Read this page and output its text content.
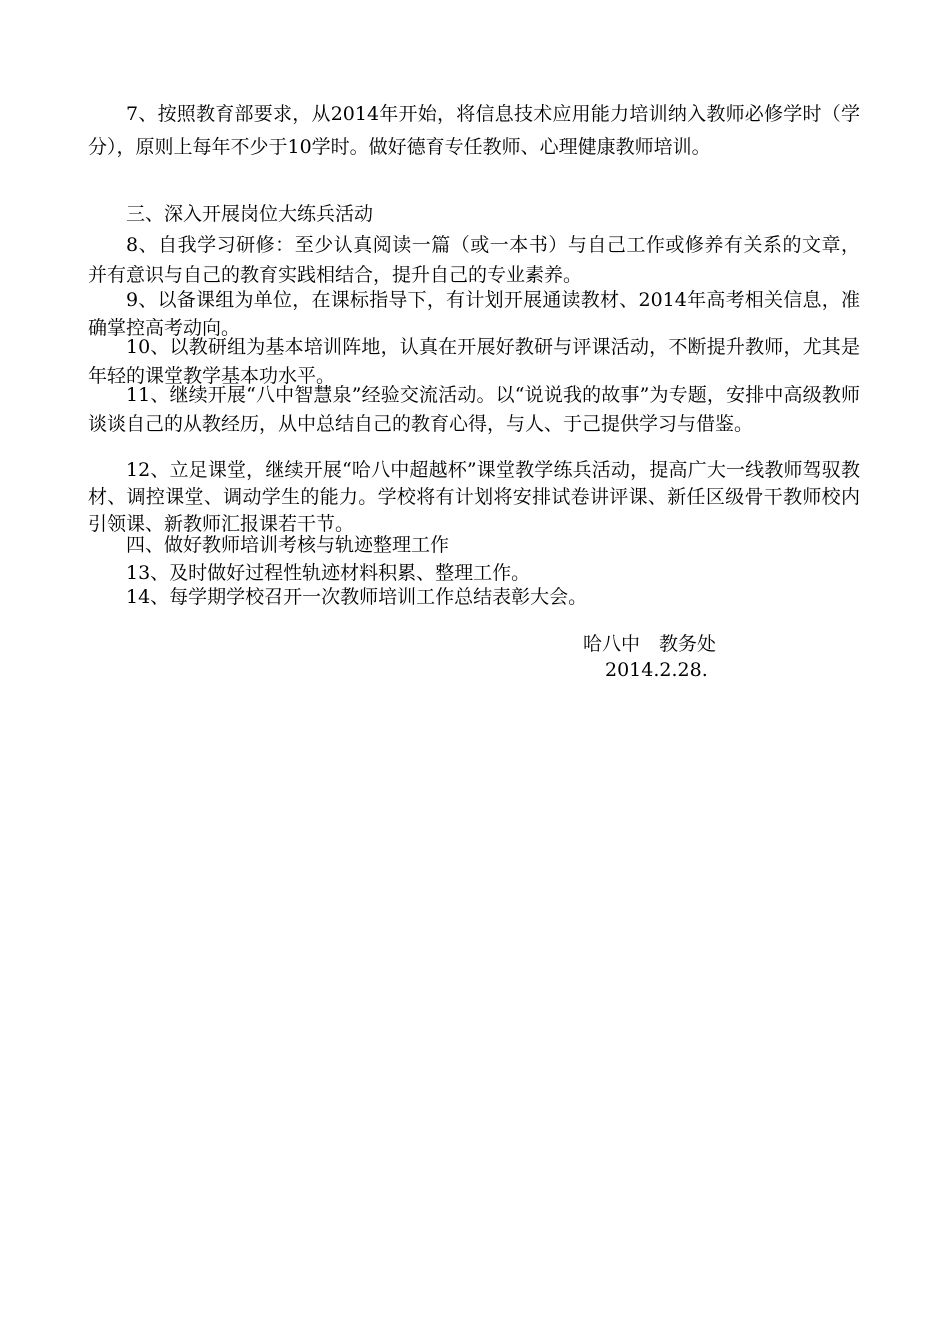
7、按照教育部要求，从2014年开始，将信息技术应用能力培训纳入教师必修学时（学分），原则上每年不少于10学时。做好德育专任教师、心理健康教师培训。

三、深入开展岗位大练兵活动

8、自我学习研修：至少认真阅读一篇（或一本书）与自己工作或修养有关系的文章，并有意识与自己的教育实践相结合，提升自己的专业素养。

9、以备课组为单位，在课标指导下，有计划开展通读教材、2014年高考相关信息，准确掌控高考动向。

10、以教研组为基本培训阵地，认真在开展好教研与评课活动，不断提升教师，尤其是年轻的课堂教学基本功水平。

11、继续开展“八中智慧泉”经验交流活动。以“说说我的故事”为专题，安排中高级教师谈谈自己的从教经历，从中总结自己的教育心得，与人、于己提供学习与借鉴。

12、立足课堂，继续开展“哈八中超越杯”课堂教学练兵活动，提高广大一线教师驾驭教材、调控课堂、调动学生的能力。学校将有计划将安排试卷讲评课、新任区级骨干教师校内引领课、新教师汇报课若干节。

四、做好教师培训考核与轨迹整理工作

13、及时做好过程性轨迹材料积累、整理工作。

14、每学期学校召开一次教师培训工作总结表彰大会。

哈八中　教务处

2014.2.28.
